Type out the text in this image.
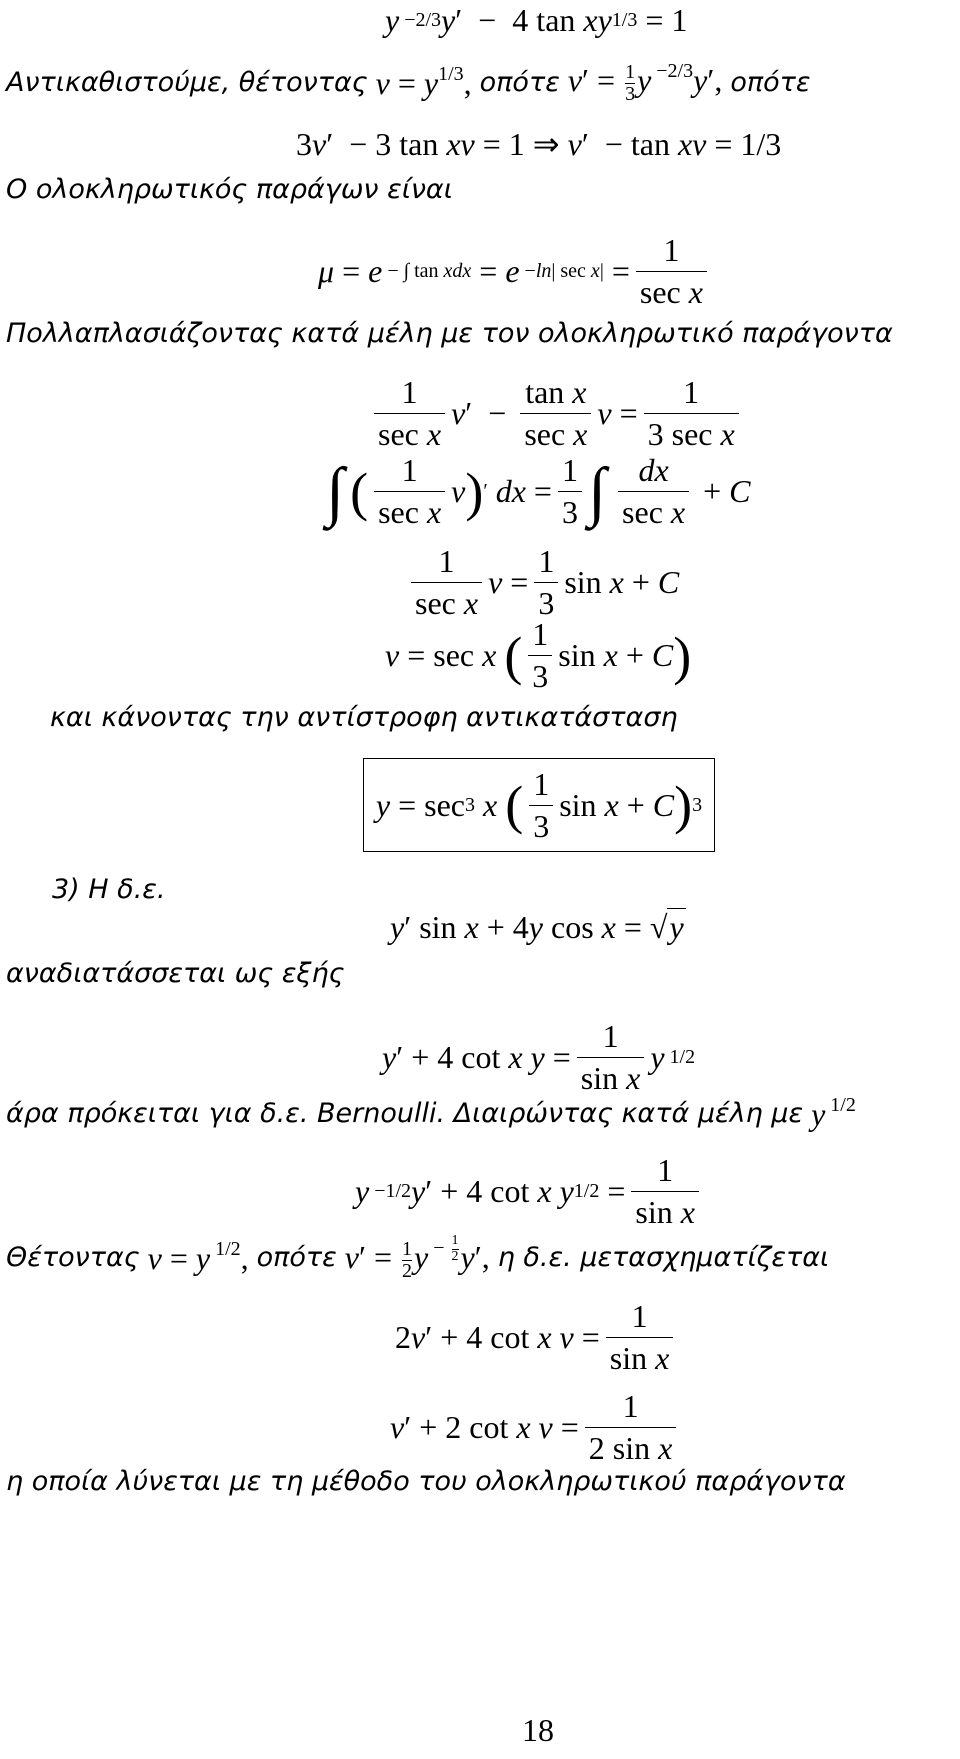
y −2/3 y ′  −  4 tan xy 1/3 = 1
Αντικαθιστούμε, θέτοντας $\nu = y^{1/3}$, οπότε $\nu' = \frac{1}{3}$ y $^{-2/3}$y′, οπότε
3 ν ′  − 3 tan xν = 1 ⇒ ν ′  − tan xν = 1/3
Ο ολοκληρωτικός παράγων είναι
μ = e − ∫ tan xdx = e −ln| sec x| =
1
sec x
Πολλαπλασιάζοντας κατά μέλη με τον ολοκληρωτικό παράγοντα
1
sec x
ν ′  −
tan x
sec x
ν =
1
3 sec x
∫ ( 1
sec x
ν ) ′
dx =
1
3 ∫ dx
sec x
+ C
1
sec x
ν =
1
3
sin x + C
ν = sec x
( 1
3
sin x + C )
και κάνοντας την αντίστροφη αντικατάσταση
y = sec 3
x
( 1
3
sin x + C ) 3
3) Η δ.ε.
y ′ sin x + 4 y cos x = √ y
αναδιατάσσεται ως εξής
y ′ + 4 cot x
y =
1
sin x
y 1/2
άρα πρόκειται για δ.ε. Bernoulli. Διαιρώντας κατά μέλη με y $^{1/2}$
y −1/2 y ′ + 4 cot x
y 1/2 =
1
sin x
Θέτοντας ν = y $^{1/2}$, οπότε $\nu' = \frac{1}{2}$ y $^{- \frac{1}{2}}$ y′, η δ.ε. μετασχηματίζεται
2 ν ′ + 4 cot x
ν =
1
sin x
ν ′ + 2 cot x
ν =
1
2 sin x
η οποία λύνεται με τη μέθοδο του ολοκληρωτικού παράγοντα
18
